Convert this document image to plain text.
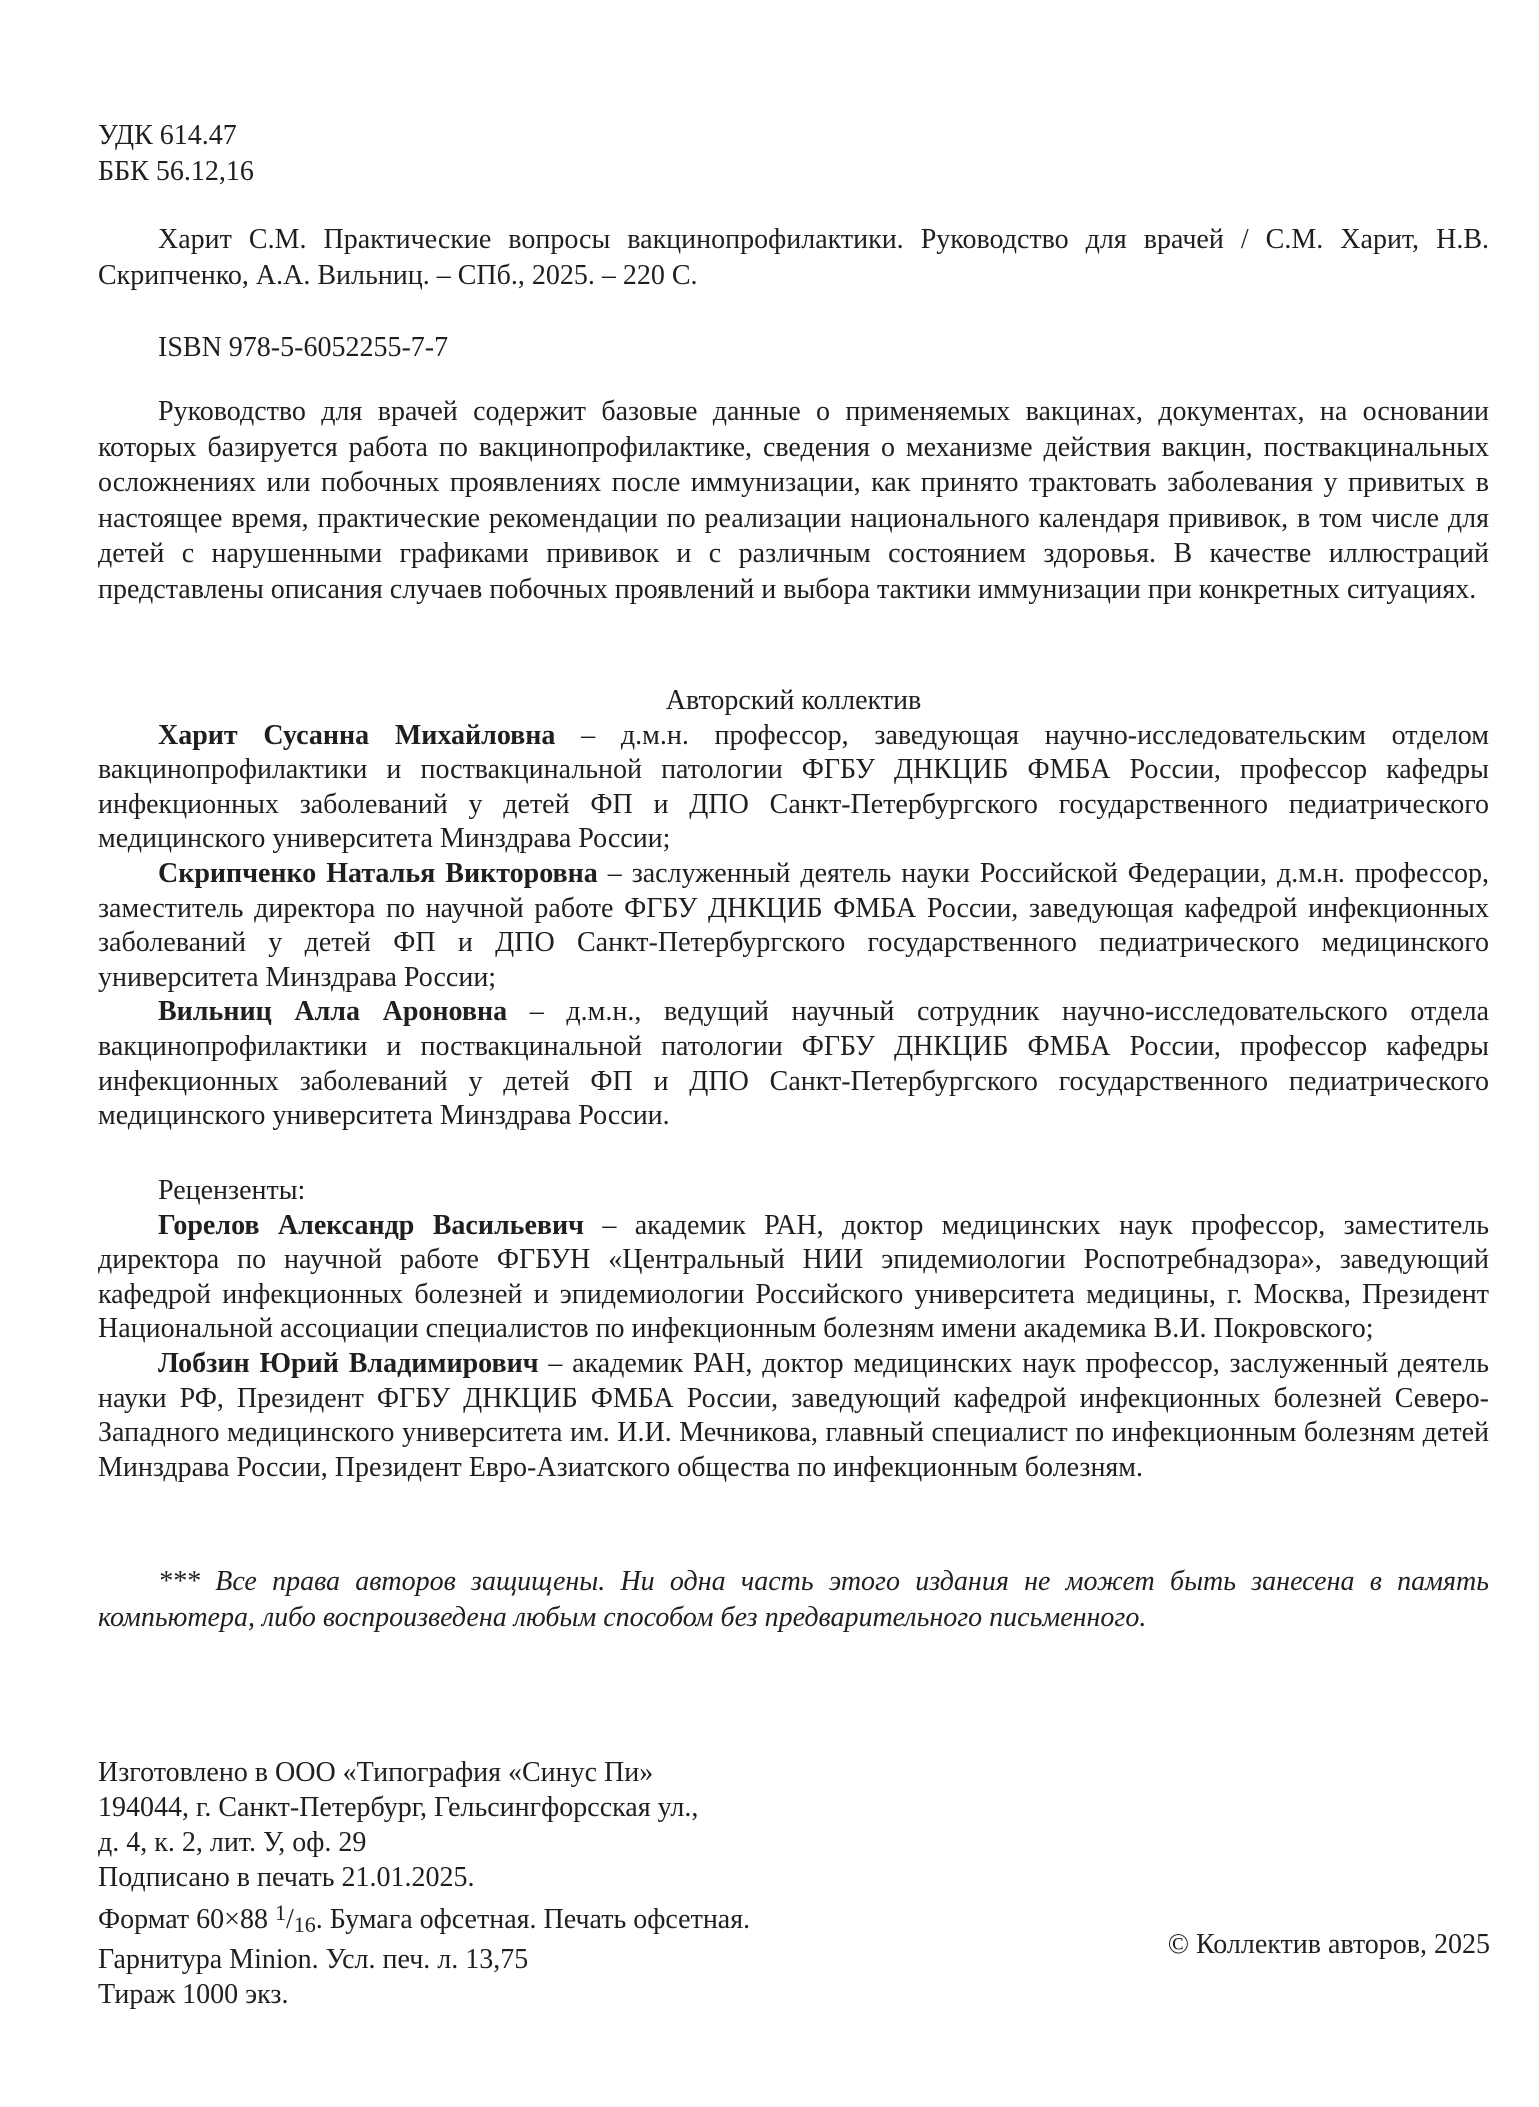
УДК 614.47
ББК 56.12,16

Харит С.М. Практические вопросы вакцинопрофилактики. Руководство для врачей / С.М. Харит, Н.В. Скрипченко, А.А. Вильниц. – СПб., 2025. – 220 С.

ISBN 978-5-6052255-7-7

Руководство для врачей содержит базовые данные о применяемых вакцинах, документах, на основании которых базируется работа по вакцинопрофилактике, сведения о механизме действия вакцин, поствакцинальных осложнениях или побочных проявлениях после иммунизации, как принято трактовать заболевания у привитых в настоящее время, практические рекомендации по реализации национального календаря прививок, в том числе для детей с нарушенными графиками прививок и с различным состоянием здоровья. В качестве иллюстраций представлены описания случаев побочных проявлений и выбора тактики иммунизации при конкретных ситуациях.

Авторский коллектив

Харит Сусанна Михайловна – д.м.н. профессор, заведующая научно-исследовательским отделом вакцинопрофилактики и поствакцинальной патологии ФГБУ ДНКЦИБ ФМБА России, профессор кафедры инфекционных заболеваний у детей ФП и ДПО Санкт-Петербургского государственного педиатрического медицинского университета Минздрава России;

Скрипченко Наталья Викторовна – заслуженный деятель науки Российской Федерации, д.м.н. профессор, заместитель директора по научной работе ФГБУ ДНКЦИБ ФМБА России, заведующая кафедрой инфекционных заболеваний у детей ФП и ДПО Санкт-Петербургского государственного педиатрического медицинского университета Минздрава России;

Вильниц Алла Ароновна – д.м.н., ведущий научный сотрудник научно-исследовательского отдела вакцинопрофилактики и поствакцинальной патологии ФГБУ ДНКЦИБ ФМБА России, профессор кафедры инфекционных заболеваний у детей ФП и ДПО Санкт-Петербургского государственного педиатрического медицинского университета Минздрава России.

Рецензенты:

Горелов Александр Васильевич – академик РАН, доктор медицинских наук профессор, заместитель директора по научной работе ФГБУН «Центральный НИИ эпидемиологии Роспотребнадзора», заведующий кафедрой инфекционных болезней и эпидемиологии Российского университета медицины, г. Москва, Президент Национальной ассоциации специалистов по инфекционным болезням имени академика В.И. Покровского;

Лобзин Юрий Владимирович – академик РАН, доктор медицинских наук профессор, заслуженный деятель науки РФ, Президент ФГБУ ДНКЦИБ ФМБА России, заведующий кафедрой инфекционных болезней Северо-Западного медицинского университета им. И.И. Мечникова, главный специалист по инфекционным болезням детей Минздрава России, Президент Евро-Азиатского общества по инфекционным болезням.

*** Все права авторов защищены. Ни одна часть этого издания не может быть занесена в память компьютера, либо воспроизведена любым способом без предварительного письменного.

Изготовлено в ООО «Типография «Синус Пи»
194044, г. Санкт-Петербург, Гельсингфорсская ул.,
д. 4, к. 2, лит. У, оф. 29
Подписано в печать 21.01.2025.
Формат 60×88 $^1$/16. Бумага офсетная. Печать офсетная.
Гарнитура Minion. Усл. печ. л. 13,75
Тираж 1000 экз.
© Коллектив авторов, 2025
